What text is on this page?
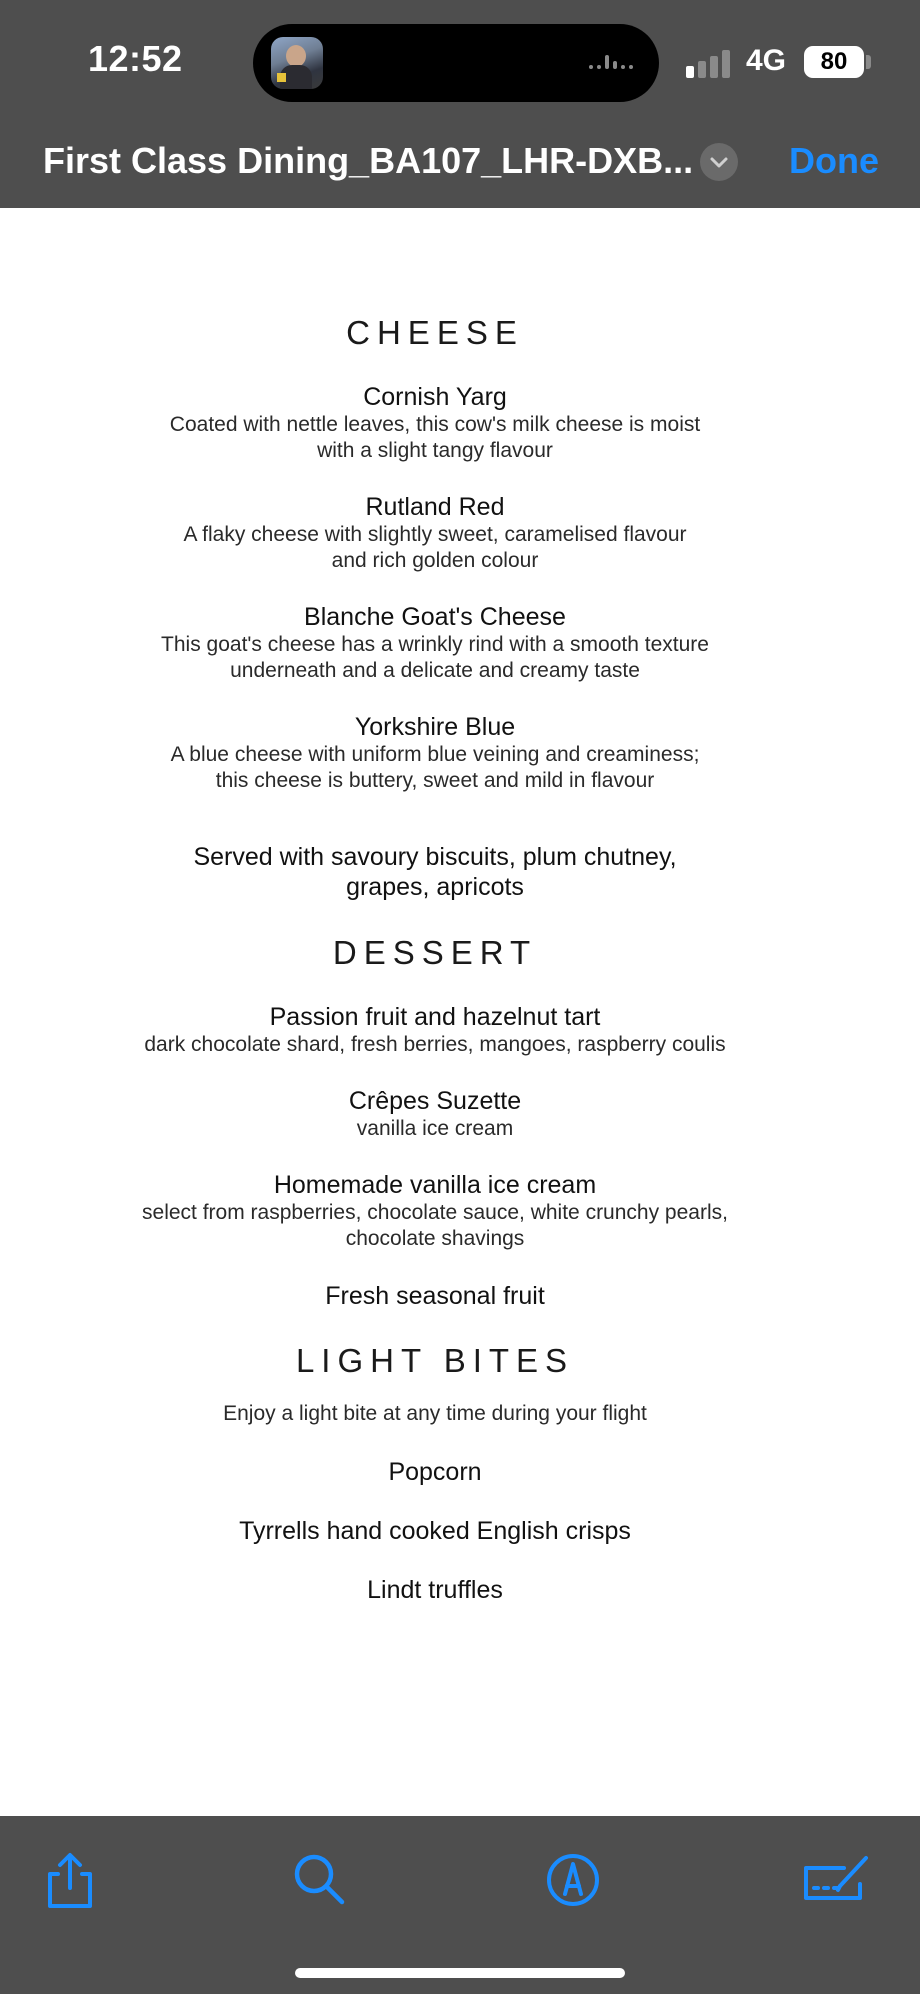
12:52	4G	80
First Class Dining_BA107_LHR-DXB...	Done
CHEESE
Cornish Yarg
Coated with nettle leaves, this cow's milk cheese is moist
with a slight tangy flavour
Rutland Red
A flaky cheese with slightly sweet, caramelised flavour
and rich golden colour
Blanche Goat's Cheese
This goat's cheese has a wrinkly rind with a smooth texture
underneath and a delicate and creamy taste
Yorkshire Blue
A blue cheese with uniform blue veining and creaminess;
this cheese is buttery, sweet and mild in flavour
Served with savoury biscuits, plum chutney,
grapes, apricots
DESSERT
Passion fruit and hazelnut tart
dark chocolate shard, fresh berries, mangoes, raspberry coulis
Crêpes Suzette
vanilla ice cream
Homemade vanilla ice cream
select from raspberries, chocolate sauce, white crunchy pearls,
chocolate shavings
Fresh seasonal fruit
LIGHT BITES
Enjoy a light bite at any time during your flight
Popcorn
Tyrrells hand cooked English crisps
Lindt truffles
